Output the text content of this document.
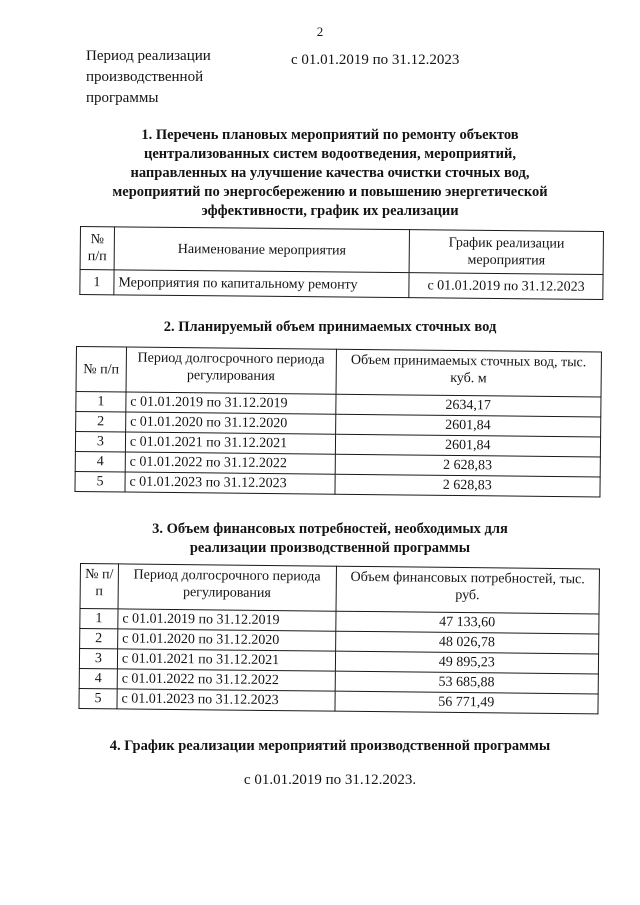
2
Период реализации
производственной
программы
с 01.01.2019 по 31.12.2023
1. Перечень плановых мероприятий по ремонту объектов
централизованных систем водоотведения, мероприятий,
направленных на улучшение качества очистки сточных вод,
мероприятий по энергосбережению и повышению энергетической
эффективности, график их реализации
№ п/п	Наименование мероприятия	График реализации мероприятия
1	Мероприятия по капитальному ремонту	с 01.01.2019 по 31.12.2023
2. Планируемый объем принимаемых сточных вод
№ п/п	Период долгосрочного периода регулирования	Объем принимаемых сточных вод, тыс. куб. м
1	с 01.01.2019 по 31.12.2019	2634,17
2	с 01.01.2020 по 31.12.2020	2601,84
3	с 01.01.2021 по 31.12.2021	2601,84
4	с 01.01.2022 по 31.12.2022	2 628,83
5	с 01.01.2023 по 31.12.2023	2 628,83
3. Объем финансовых потребностей, необходимых для
реализации производственной программы
№ п/п	Период долгосрочного периода регулирования	Объем финансовых потребностей, тыс. руб.
1	с 01.01.2019 по 31.12.2019	47 133,60
2	с 01.01.2020 по 31.12.2020	48 026,78
3	с 01.01.2021 по 31.12.2021	49 895,23
4	с 01.01.2022 по 31.12.2022	53 685,88
5	с 01.01.2023 по 31.12.2023	56 771,49
4. График реализации мероприятий производственной программы
с 01.01.2019 по 31.12.2023.
